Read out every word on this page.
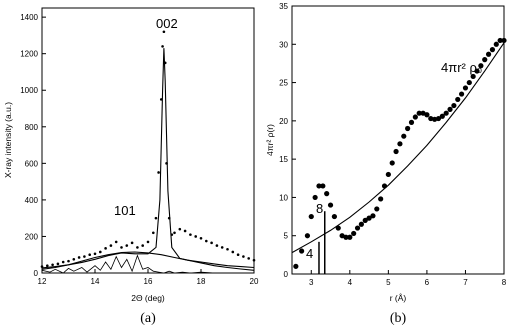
12	14	16	18	20
0
200
400
600
800
1000
1200
1400
101
002
2Θ (deg)
X-ray intensity (a.u.)
(a)
3	4	5	6	7	8
0
5
10
15
20
25
30
35
8
4
4πr² ρ₀
r (Å)
4πr² ρ(r)
(b)
